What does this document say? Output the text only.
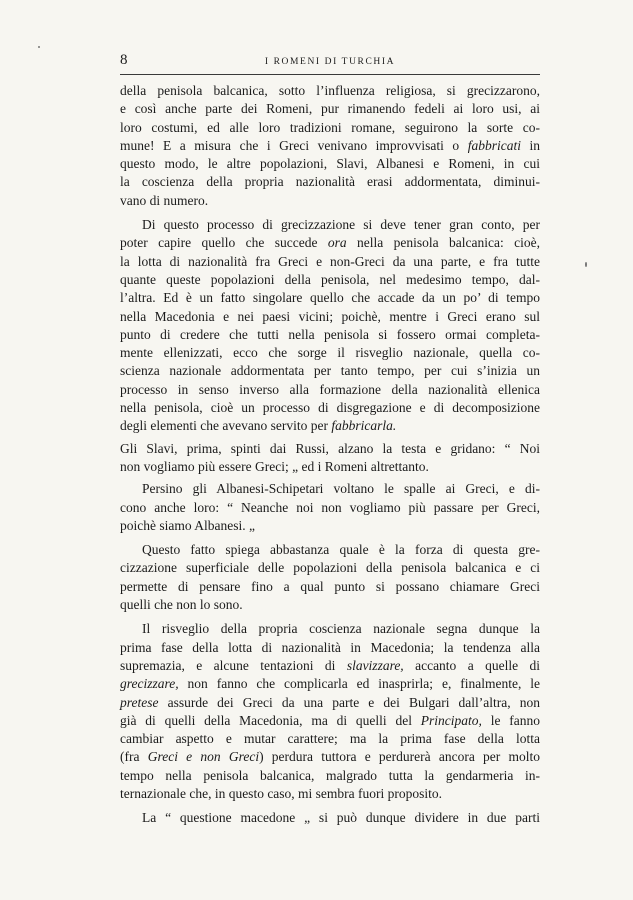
8	I ROMENI DI TURCHIA

della penisola balcanica, sotto l’influenza religiosa, si grecizzarono,
e così anche parte dei Romeni, pur rimanendo fedeli ai loro usi, ai
loro costumi, ed alle loro tradizioni romane, seguirono la sorte co-
mune! E a misura che i Greci venivano improvvisati o fabbricati in
questo modo, le altre popolazioni, Slavi, Albanesi e Romeni, in cui
la coscienza della propria nazionalità erasi addormentata, diminui-
vano di numero.

Di questo processo di grecizzazione si deve tener gran conto, per
poter capire quello che succede ora nella penisola balcanica: cioè,
la lotta di nazionalità fra Greci e non-Greci da una parte, e fra tutte
quante queste popolazioni della penisola, nel medesimo tempo, dal-
l’altra. Ed è un fatto singolare quello che accade da un po’ di tempo
nella Macedonia e nei paesi vicini; poichè, mentre i Greci erano sul
punto di credere che tutti nella penisola si fossero ormai completa-
mente ellenizzati, ecco che sorge il risveglio nazionale, quella co-
scienza nazionale addormentata per tanto tempo, per cui s’inizia un
processo in senso inverso alla formazione della nazionalità ellenica
nella penisola, cioè un processo di disgregazione e di decomposizione
degli elementi che avevano servito per fabbricarla.

Gli Slavi, prima, spinti dai Russi, alzano la testa e gridano: “ Noi
non vogliamo più essere Greci; „ ed i Romeni altrettanto.

Persino gli Albanesi-Schipetari voltano le spalle ai Greci, e di-
cono anche loro: “ Neanche noi non vogliamo più passare per Greci,
poichè siamo Albanesi. „

Questo fatto spiega abbastanza quale è la forza di questa gre-
cizzazione superficiale delle popolazioni della penisola balcanica e ci
permette di pensare fino a qual punto si possano chiamare Greci
quelli che non lo sono.

Il risveglio della propria coscienza nazionale segna dunque la
prima fase della lotta di nazionalità in Macedonia; la tendenza alla
supremazia, e alcune tentazioni di slavizzare, accanto a quelle di
grecizzare, non fanno che complicarla ed inasprirla; e, finalmente, le
pretese assurde dei Greci da una parte e dei Bulgari dall’altra, non
già di quelli della Macedonia, ma di quelli del Principato, le fanno
cambiar aspetto e mutar carattere; ma la prima fase della lotta
(fra Greci e non Greci) perdura tuttora e perdurerà ancora per molto
tempo nella penisola balcanica, malgrado tutta la gendarmeria in-
ternazionale che, in questo caso, mi sembra fuori proposito.

La “ questione macedone „ si può dunque dividere in due parti
